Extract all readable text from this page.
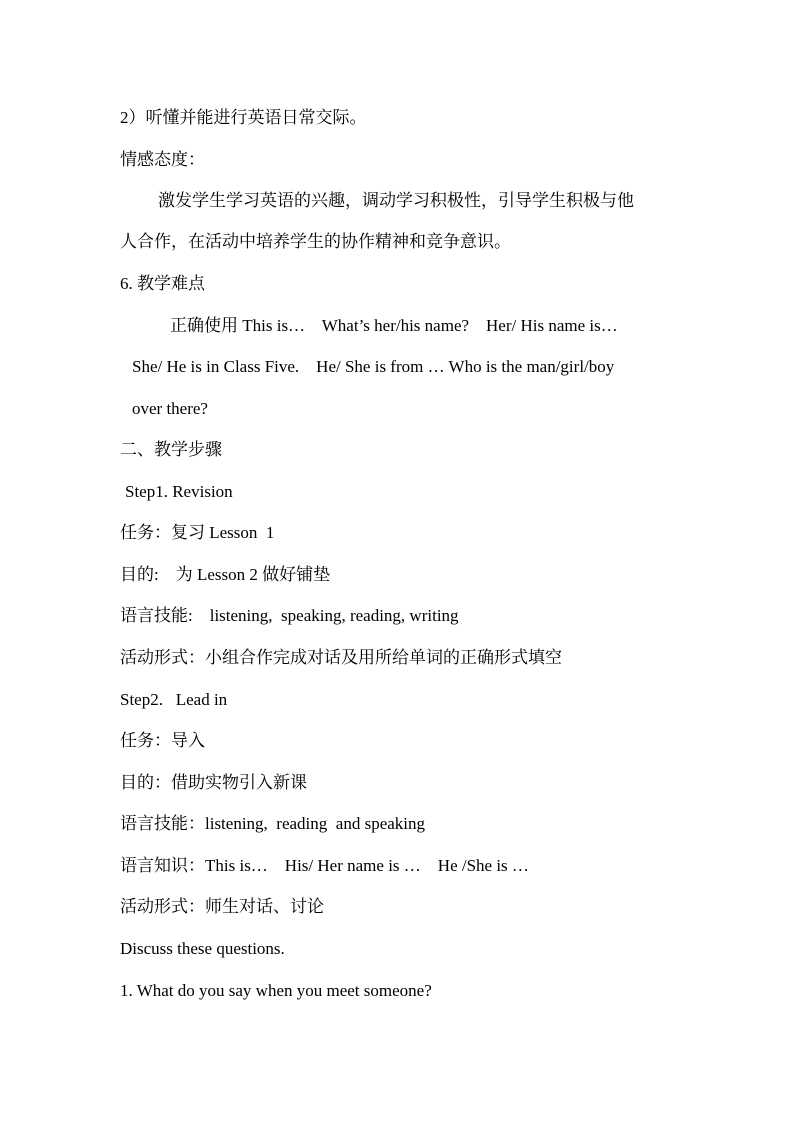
2）听懂并能进行英语日常交际。
情感态度：
激发学生学习英语的兴趣，调动学习积极性，引导学生积极与他
人合作，在活动中培养学生的协作精神和竞争意识。
6. 教学难点
正确使用 This is…    What’s her/his name?    Her/ His name is…
She/ He is in Class Five.    He/ She is from … Who is the man/girl/boy
over there?
二、教学步骤
Step1. Revision
任务：复习 Lesson  1
目的:    为 Lesson 2 做好铺垫
语言技能:    listening,  speaking, reading, writing
活动形式：小组合作完成对话及用所给单词的正确形式填空
Step2.   Lead in
任务：导入
目的：借助实物引入新课
语言技能：listening,  reading  and speaking
语言知识：This is…    His/ Her name is …    He /She is …
活动形式：师生对话、讨论
Discuss these questions.
1. What do you say when you meet someone?
